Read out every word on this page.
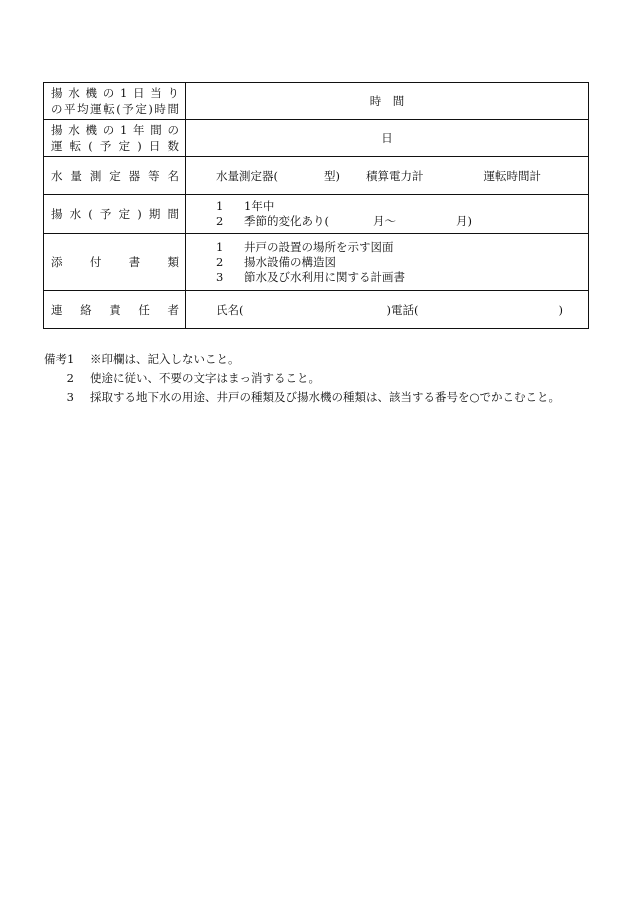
揚水機の1日当り
の平均運転(予定)時間	時　間

揚水機の1年間の
運転(予定)日数	日

水量測定器等名	水量測定器( 型) 積算電力計 運転時間計

揚水(予定)期間	1 1年中
2 季節的変化あり( 月～ 月)

添付書類	1 井戸の設置の場所を示す図面
2 揚水設備の構造図
3 節水及び水利用に関する計画書

連絡責任者	氏名( )電話( )
備考1 ※印欄は、記入しないこと。
2 使途に従い、不要の文字はまっ消すること。
3 採取する地下水の用途、井戸の種類及び揚水機の種類は、該当する番号を○でかこむこと。
